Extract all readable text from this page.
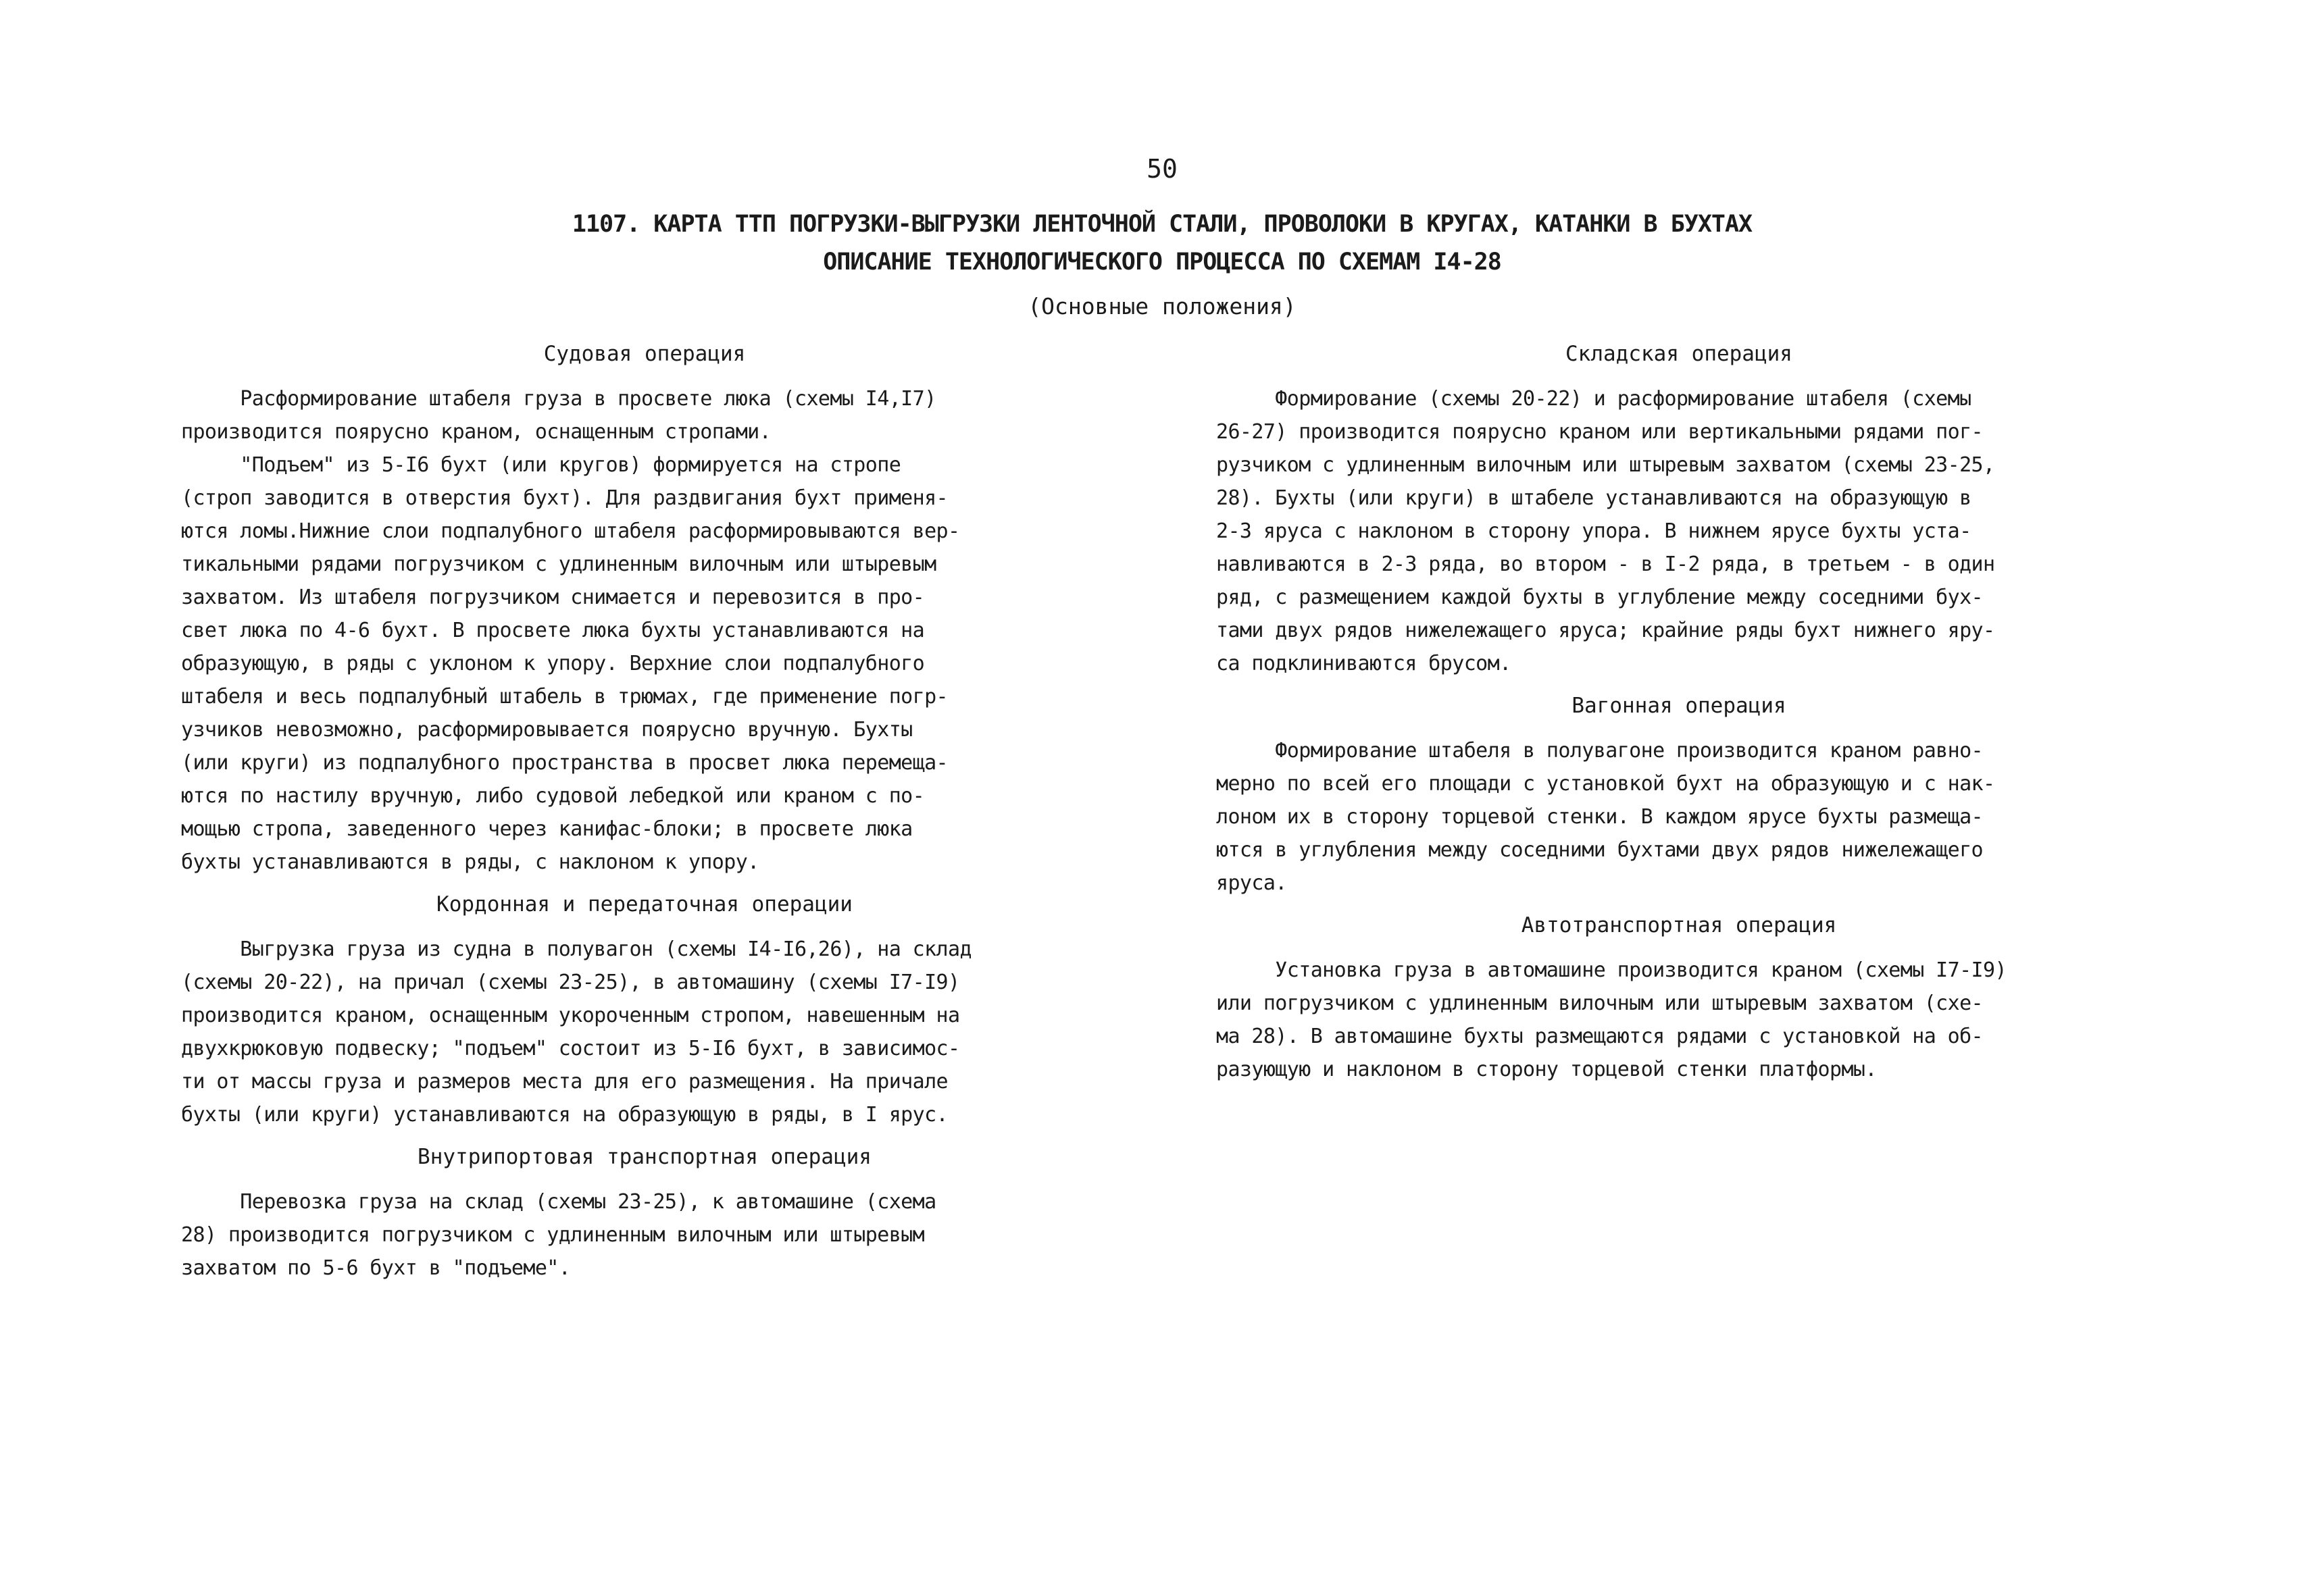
50
1107. КАРТА ТТП ПОГРУЗКИ-ВЫГРУЗКИ ЛЕНТОЧНОЙ СТАЛИ, ПРОВОЛОКИ В КРУГАХ, КАТАНКИ В БУХТАХ
ОПИСАНИЕ ТЕХНОЛОГИЧЕСКОГО ПРОЦЕССА ПО СХЕМАМ I4-28
(Основные положения)
Судовая операция
Расформирование штабеля груза в просвете люка (схемы I4,I7)
производится поярусно краном, оснащенным стропами.
"Подъем" из 5-I6 бухт (или кругов) формируется на стропе
(строп заводится в отверстия бухт). Для раздвигания бухт применя-
ются ломы.Нижние слои подпалубного штабеля расформировываются вер-
тикальными рядами погрузчиком с удлиненным вилочным или штыревым
захватом. Из штабеля погрузчиком снимается и перевозится в про-
свет люка по 4-6 бухт. В просвете люка бухты устанавливаются на
образующую, в ряды с уклоном к упору. Верхние слои подпалубного
штабеля и весь подпалубный штабель в трюмах, где применение погр-
узчиков невозможно, расформировывается поярусно вручную. Бухты
(или круги) из подпалубного пространства в просвет люка перемеща-
ются по настилу вручную, либо судовой лебедкой или краном с по-
мощью стропа, заведенного через канифас-блоки; в просвете люка
бухты устанавливаются в ряды, с наклоном к упору.
Кордонная и передаточная операции
Выгрузка груза из судна в полувагон (схемы I4-I6,26), на склад
(схемы 20-22), на причал (схемы 23-25), в автомашину (схемы I7-I9)
производится краном, оснащенным укороченным стропом, навешенным на
двухкрюковую подвеску; "подъем" состоит из 5-I6 бухт, в зависимос-
ти от массы груза и размеров места для его размещения. На причале
бухты (или круги) устанавливаются на образующую в ряды, в I ярус.
Внутрипортовая транспортная операция
Перевозка груза на склад (схемы 23-25), к автомашине (схема
28) производится погрузчиком с удлиненным вилочным или штыревым
захватом по 5-6 бухт в "подъеме".
Складская операция
Формирование (схемы 20-22) и расформирование штабеля (схемы
26-27) производится поярусно краном или вертикальными рядами пог-
рузчиком с удлиненным вилочным или штыревым захватом (схемы 23-25,
28). Бухты (или круги) в штабеле устанавливаются на образующую в
2-3 яруса с наклоном в сторону упора. В нижнем ярусе бухты уста-
навливаются в 2-3 ряда, во втором - в I-2 ряда, в третьем - в один
ряд, с размещением каждой бухты в углубление между соседними бух-
тами двух рядов нижележащего яруса; крайние ряды бухт нижнего яру-
са подклиниваются брусом.
Вагонная операция
Формирование штабеля в полувагоне производится краном равно-
мерно по всей его площади с установкой бухт на образующую и с нак-
лоном их в сторону торцевой стенки. В каждом ярусе бухты размеща-
ются в углубления между соседними бухтами двух рядов нижележащего
яруса.
Автотранспортная операция
Установка груза в автомашине производится краном (схемы I7-I9)
или погрузчиком с удлиненным вилочным или штыревым захватом (схе-
ма 28). В автомашине бухты размещаются рядами с установкой на об-
разующую и наклоном в сторону торцевой стенки платформы.
